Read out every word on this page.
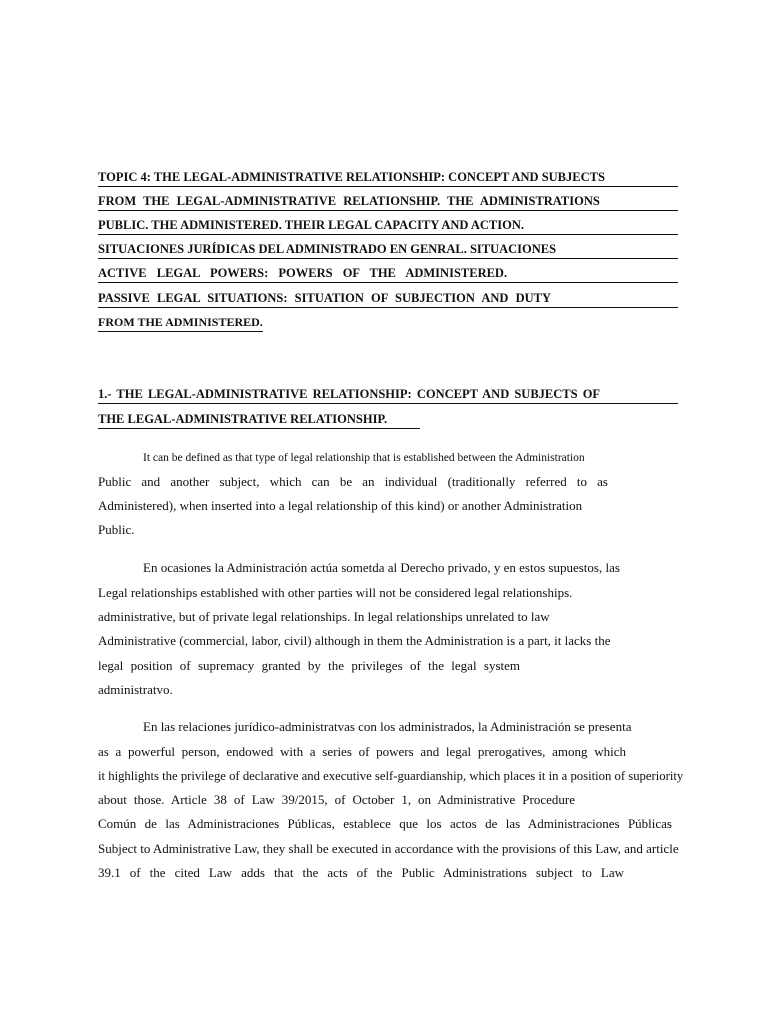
TOPIC 4: THE LEGAL-ADMINISTRATIVE RELATIONSHIP: CONCEPT AND SUBJECTS
FROM THE LEGAL-ADMINISTRATIVE RELATIONSHIP. THE ADMINISTRATIONS
PUBLIC. THE ADMINISTERED. THEIR LEGAL CAPACITY AND ACTION.
SITUACIONES JURÍDICAS DEL ADMINISTRADO EN GENRAL. SITUACIONES
ACTIVE LEGAL POWERS: POWERS OF THE ADMINISTERED.
PASSIVE LEGAL SITUATIONS: SITUATION OF SUBJECTION AND DUTY
FROM THE ADMINISTERED.
1.- THE LEGAL-ADMINISTRATIVE RELATIONSHIP: CONCEPT AND SUBJECTS OF
THE LEGAL-ADMINISTRATIVE RELATIONSHIP.
It can be defined as that type of legal relationship that is established between the Administration
Public and another subject, which can be an individual (traditionally referred to as
Administered), when inserted into a legal relationship of this kind) or another Administration
Public.
En ocasiones la Administración actúa sometda al Derecho privado, y en estos supuestos, las
Legal relationships established with other parties will not be considered legal relationships.
administrative, but of private legal relationships. In legal relationships unrelated to law
Administrative (commercial, labor, civil) although in them the Administration is a part, it lacks the
legal position of supremacy granted by the privileges of the legal system
administratvo.
En las relaciones jurídico-administratvas con los administrados, la Administración se presenta
as a powerful person, endowed with a series of powers and legal prerogatives, among which
it highlights the privilege of declarative and executive self-guardianship, which places it in a position of superiority
about those. Article 38 of Law 39/2015, of October 1, on Administrative Procedure
Común de las Administraciones Públicas, establece que los actos de las Administraciones Públicas
Subject to Administrative Law, they shall be executed in accordance with the provisions of this Law, and article
39.1 of the cited Law adds that the acts of the Public Administrations subject to Law
